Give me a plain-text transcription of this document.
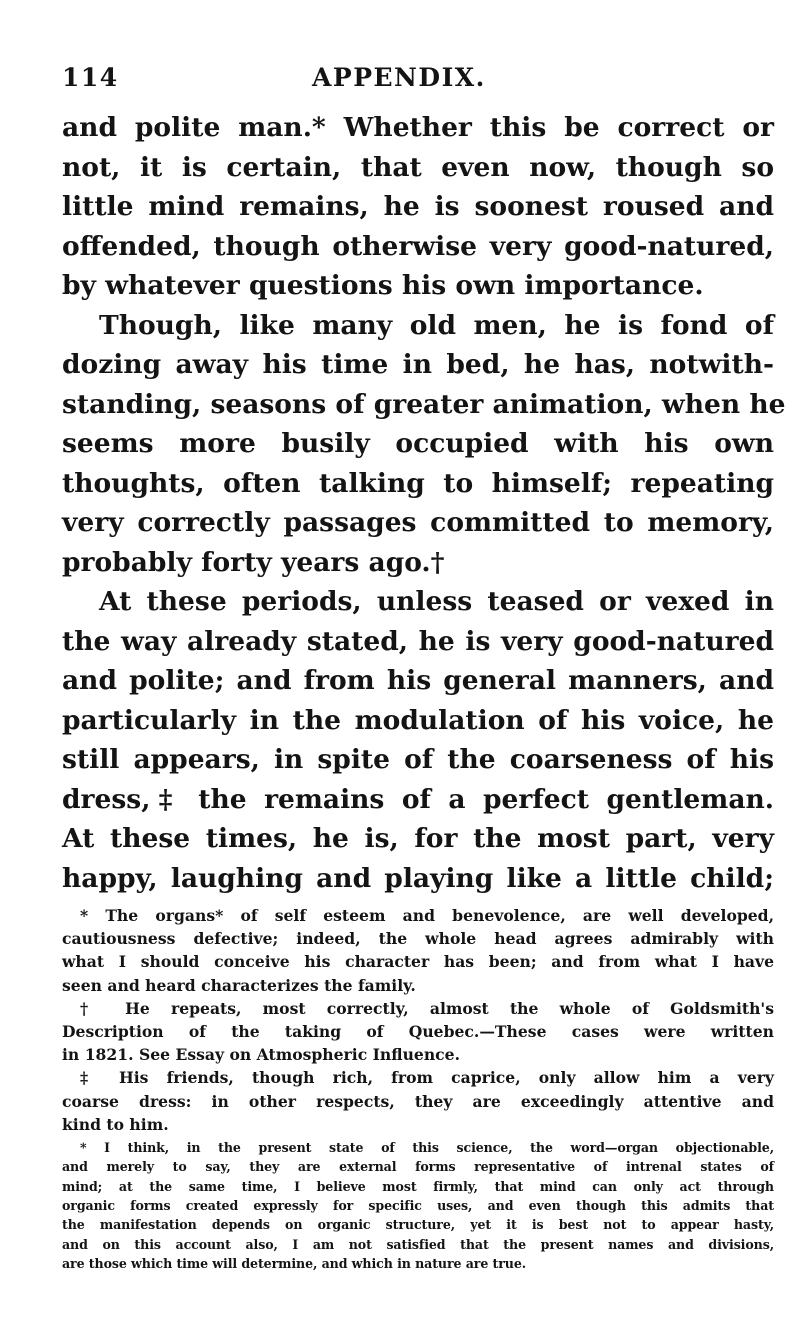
114	APPENDIX.
and polite man.* Whether this be correct or
not, it is certain, that even now, though so
little mind remains, he is soonest roused and
offended, though otherwise very good-natured,
by whatever questions his own importance.
Though, like many old men, he is fond of
dozing away his time in bed, he has, notwith-
standing, seasons of greater animation, when he
seems more busily occupied with his own
thoughts, often talking to himself; repeating
very correctly passages committed to memory,
probably forty years ago.†
At these periods, unless teased or vexed in
the way already stated, he is very good-natured
and polite; and from his general manners, and
particularly in the modulation of his voice, he
still appears, in spite of the coarseness of his
dress,‡ the remains of a perfect gentleman.
At these times, he is, for the most part, very
happy, laughing and playing like a little child;
* The organs* of self esteem and benevolence, are well developed,
cautiousness defective; indeed, the whole head agrees admirably with
what I should conceive his character has been; and from what I have
seen and heard characterizes the family.
† He repeats, most correctly, almost the whole of Goldsmith's
Description of the taking of Quebec.—These cases were written
in 1821. See Essay on Atmospheric Influence.
‡ His friends, though rich, from caprice, only allow him a very
coarse dress: in other respects, they are exceedingly attentive and
kind to him.
* I think, in the present state of this science, the word—organ objectionable,
and merely to say, they are external forms representative of intrenal states of
mind; at the same time, I believe most firmly, that mind can only act through
organic forms created expressly for specific uses, and even though this admits that
the manifestation depends on organic structure, yet it is best not to appear hasty,
and on this account also, I am not satisfied that the present names and divisions,
are those which time will determine, and which in nature are true.
